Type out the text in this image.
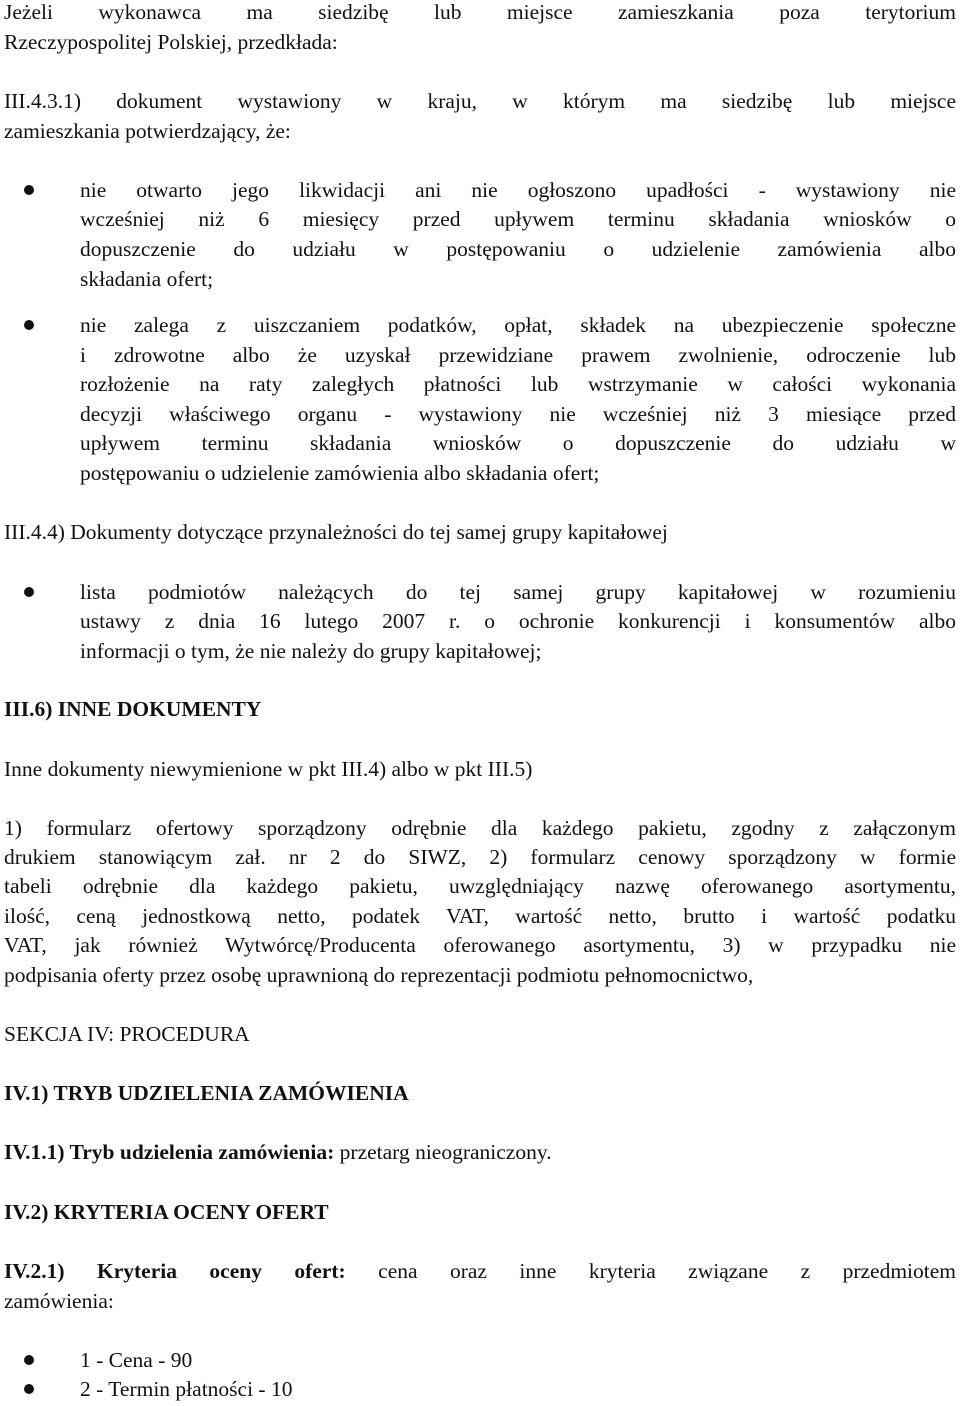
Jeżeli wykonawca ma siedzibę lub miejsce zamieszkania poza terytorium
Rzeczypospolitej Polskiej, przedkłada:
III.4.3.1) dokument wystawiony w kraju, w którym ma siedzibę lub miejsce
zamieszkania potwierdzający, że:
nie otwarto jego likwidacji ani nie ogłoszono upadłości - wystawiony nie
wcześniej niż 6 miesięcy przed upływem terminu składania wniosków o
dopuszczenie do udziału w postępowaniu o udzielenie zamówienia albo
składania ofert;
nie zalega z uiszczaniem podatków, opłat, składek na ubezpieczenie społeczne
i zdrowotne albo że uzyskał przewidziane prawem zwolnienie, odroczenie lub
rozłożenie na raty zaległych płatności lub wstrzymanie w całości wykonania
decyzji właściwego organu - wystawiony nie wcześniej niż 3 miesiące przed
upływem terminu składania wniosków o dopuszczenie do udziału w
postępowaniu o udzielenie zamówienia albo składania ofert;
III.4.4) Dokumenty dotyczące przynależności do tej samej grupy kapitałowej
lista podmiotów należących do tej samej grupy kapitałowej w rozumieniu
ustawy z dnia 16 lutego 2007 r. o ochronie konkurencji i konsumentów albo
informacji o tym, że nie należy do grupy kapitałowej;
III.6) INNE DOKUMENTY
Inne dokumenty niewymienione w pkt III.4) albo w pkt III.5)
1) formularz ofertowy sporządzony odrębnie dla każdego pakietu, zgodny z załączonym
drukiem stanowiącym zał. nr 2 do SIWZ, 2) formularz cenowy sporządzony w formie
tabeli odrębnie dla każdego pakietu, uwzględniający nazwę oferowanego asortymentu,
ilość, ceną jednostkową netto, podatek VAT, wartość netto, brutto i wartość podatku
VAT, jak również Wytwórcę/Producenta oferowanego asortymentu, 3) w przypadku nie
podpisania oferty przez osobę uprawnioną do reprezentacji podmiotu pełnomocnictwo,
SEKCJA IV: PROCEDURA
IV.1) TRYB UDZIELENIA ZAMÓWIENIA
IV.1.1) Tryb udzielenia zamówienia: przetarg nieograniczony.
IV.2) KRYTERIA OCENY OFERT
IV.2.1) Kryteria oceny ofert: cena oraz inne kryteria związane z przedmiotem
zamówienia:
1 - Cena - 90
2 - Termin płatności - 10
